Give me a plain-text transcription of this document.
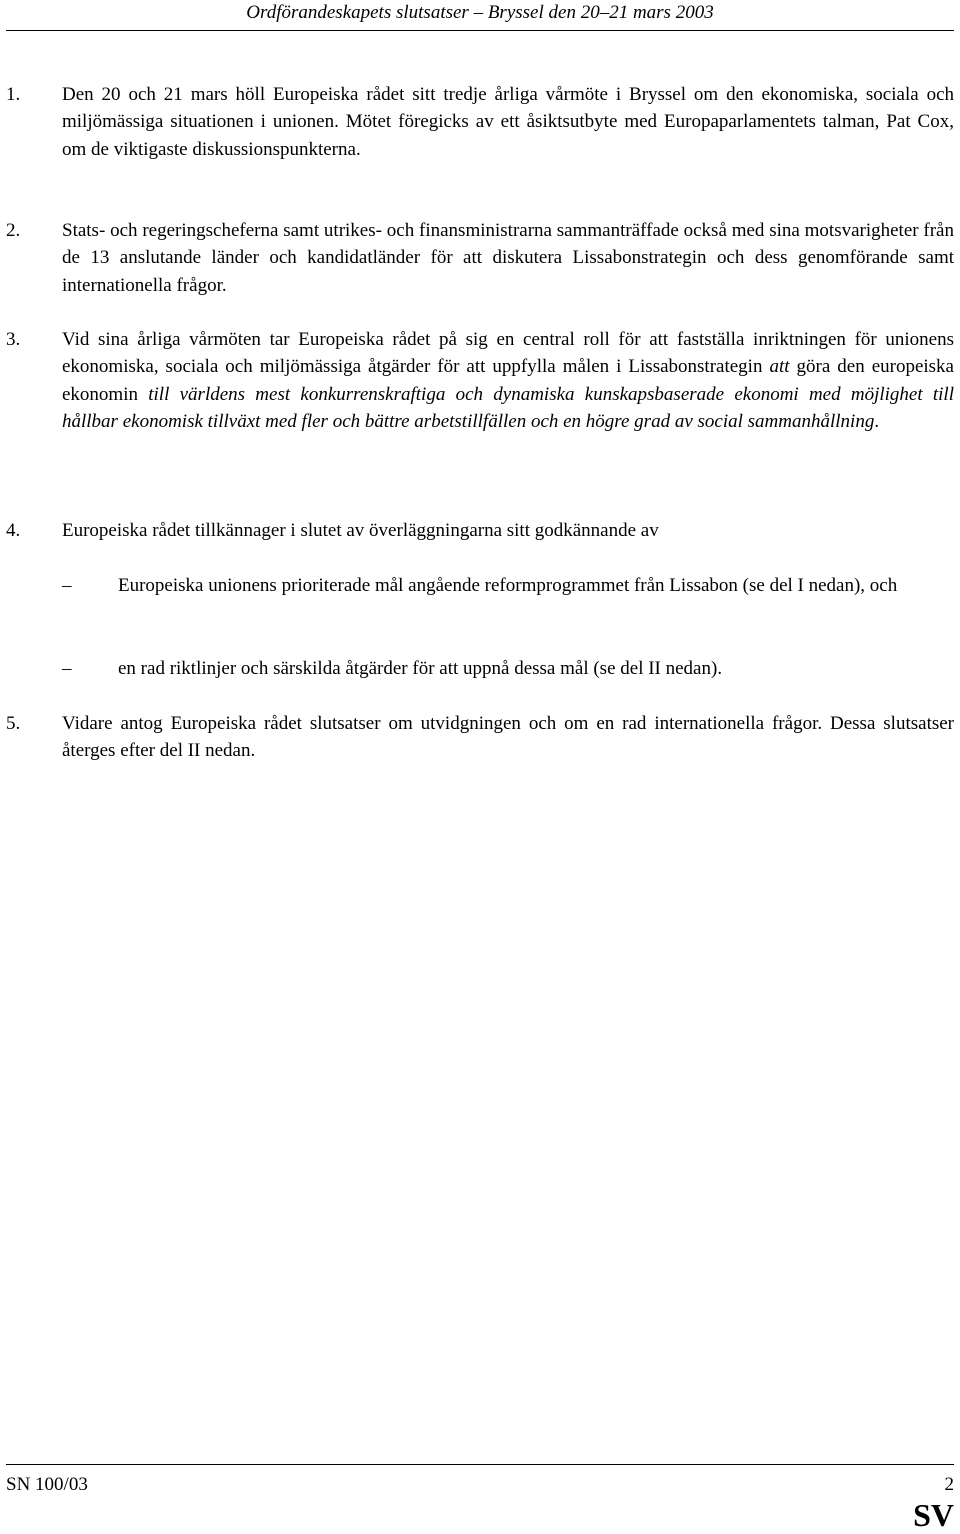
Ordförandeskapets slutsatser – Bryssel den 20–21 mars 2003
1.	Den 20 och 21 mars höll Europeiska rådet sitt tredje årliga vårmöte i Bryssel om den ekonomiska, sociala och miljömässiga situationen i unionen. Mötet föregicks av ett åsiktsutbyte med Europaparlamentets talman, Pat Cox, om de viktigaste diskussionspunkterna.
2.	Stats- och regeringscheferna samt utrikes- och finansministrarna sammanträffade också med sina motsvarigheter från de 13 anslutande länder och kandidatländer för att diskutera Lissabonstrategin och dess genomförande samt internationella frågor.
3.	Vid sina årliga vårmöten tar Europeiska rådet på sig en central roll för att fastställa inriktningen för unionens ekonomiska, sociala och miljömässiga åtgärder för att uppfylla målen i Lissabonstrategin att göra den europeiska ekonomin till världens mest konkurrenskraftiga och dynamiska kunskapsbaserade ekonomi med möjlighet till hållbar ekonomisk tillväxt med fler och bättre arbetstillfällen och en högre grad av social sammanhållning.
4.	Europeiska rådet tillkännager i slutet av överläggningarna sitt godkännande av
–	Europeiska unionens prioriterade mål angående reformprogrammet från Lissabon (se del I nedan), och
–	en rad riktlinjer och särskilda åtgärder för att uppnå dessa mål (se del II nedan).
5.	Vidare antog Europeiska rådet slutsatser om utvidgningen och om en rad internationella frågor. Dessa slutsatser återges efter del II nedan.
SN 100/03	2
SV
